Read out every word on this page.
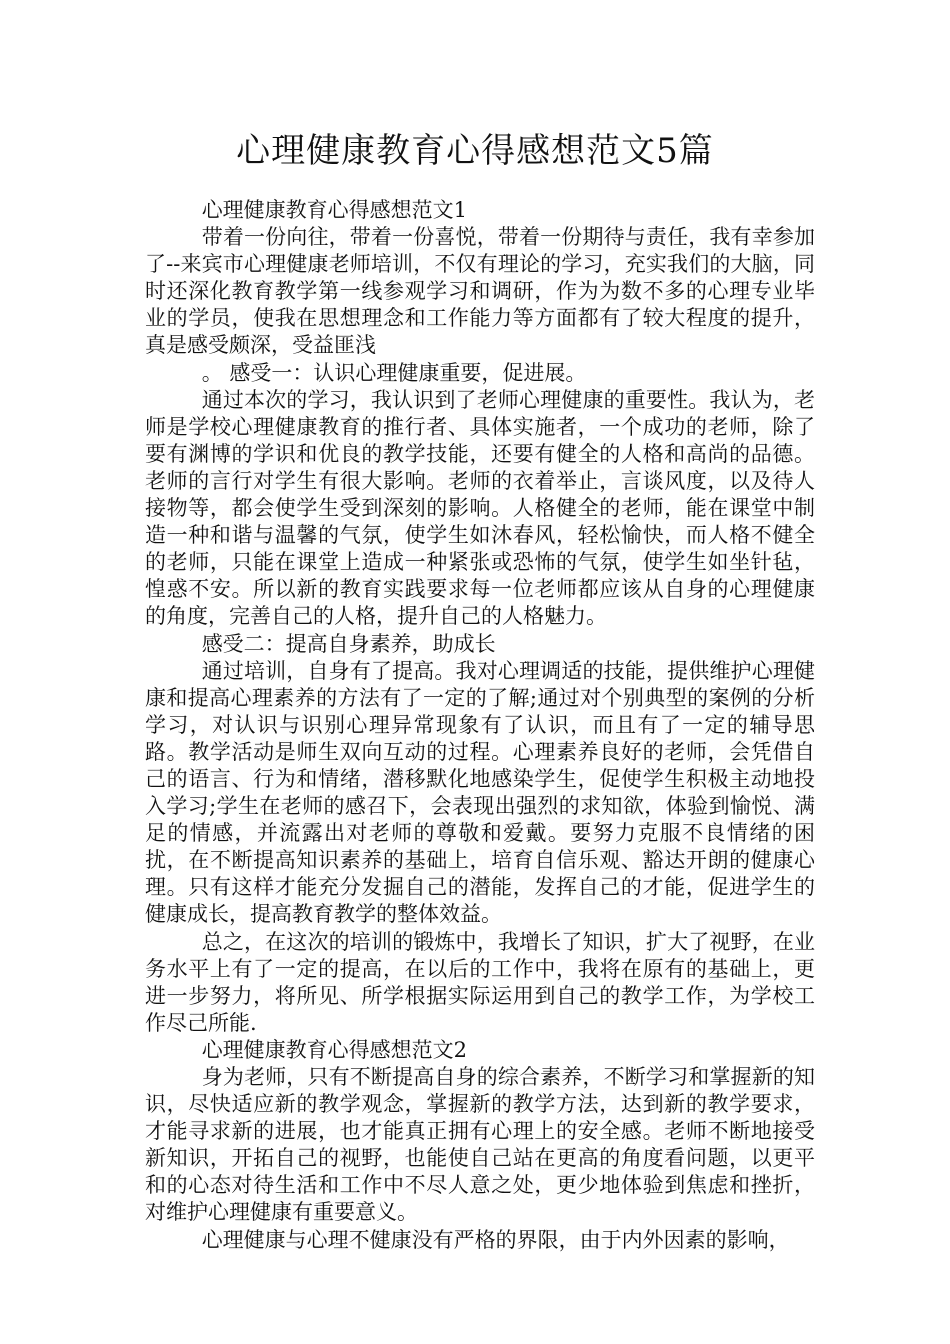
心理健康教育心得感想范文5篇

心理健康教育心得感想范文1

带着一份向往，带着一份喜悦，带着一份期待与责任，我有幸参加了--来宾市心理健康老师培训，不仅有理论的学习，充实我们的大脑，同时还深化教育教学第一线参观学习和调研，作为为数不多的心理专业毕业的学员，使我在思想理念和工作能力等方面都有了较大程度的提升，真是感受颇深，受益匪浅

。 感受一：认识心理健康重要，促进展。

通过本次的学习，我认识到了老师心理健康的重要性。我认为，老师是学校心理健康教育的推行者、具体实施者，一个成功的老师，除了要有渊博的学识和优良的教学技能，还要有健全的人格和高尚的品德。老师的言行对学生有很大影响。老师的衣着举止，言谈风度，以及待人接物等，都会使学生受到深刻的影响。人格健全的老师，能在课堂中制造一种和谐与温馨的气氛，使学生如沐春风，轻松愉快，而人格不健全的老师，只能在课堂上造成一种紧张或恐怖的气氛，使学生如坐针毡，惶惑不安。所以新的教育实践要求每一位老师都应该从自身的心理健康的角度，完善自己的人格，提升自己的人格魅力。

感受二：提高自身素养，助成长

通过培训，自身有了提高。我对心理调适的技能，提供维护心理健康和提高心理素养的方法有了一定的了解;通过对个别典型的案例的分析学习，对认识与识别心理异常现象有了认识，而且有了一定的辅导思路。教学活动是师生双向互动的过程。心理素养良好的老师，会凭借自己的语言、行为和情绪，潜移默化地感染学生，促使学生积极主动地投入学习;学生在老师的感召下，会表现出强烈的求知欲，体验到愉悦、满足的情感，并流露出对老师的尊敬和爱戴。要努力克服不良情绪的困扰，在不断提高知识素养的基础上，培育自信乐观、豁达开朗的健康心理。只有这样才能充分发掘自己的潜能，发挥自己的才能，促进学生的健康成长，提高教育教学的整体效益。

总之，在这次的培训的锻炼中，我增长了知识，扩大了视野，在业务水平上有了一定的提高，在以后的工作中，我将在原有的基础上，更进一步努力，将所见、所学根据实际运用到自己的教学工作，为学校工作尽己所能.

心理健康教育心得感想范文2

身为老师，只有不断提高自身的综合素养，不断学习和掌握新的知识，尽快适应新的教学观念，掌握新的教学方法，达到新的教学要求，才能寻求新的进展，也才能真正拥有心理上的安全感。老师不断地接受新知识，开拓自己的视野，也能使自己站在更高的角度看问题，以更平和的心态对待生活和工作中不尽人意之处，更少地体验到焦虑和挫折，对维护心理健康有重要意义。

心理健康与心理不健康没有严格的界限，由于内外因素的影响，
